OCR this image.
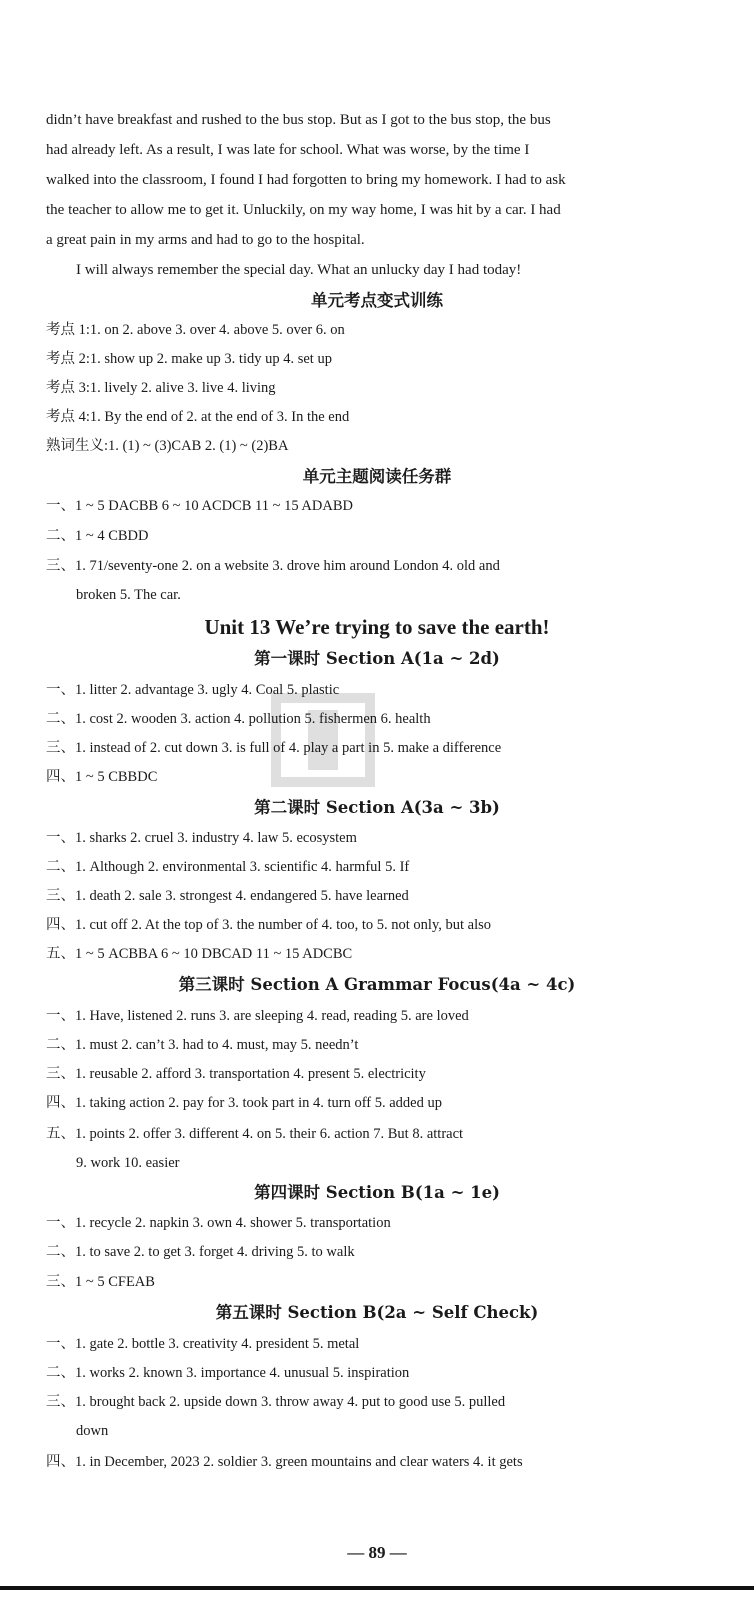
didn’t have breakfast and rushed to the bus stop. But as I got to the bus stop, the bus
had already left. As a result, I was late for school. What was worse, by the time I
walked into the classroom, I found I had forgotten to bring my homework. I had to ask
the teacher to allow me to get it. Unluckily, on my way home, I was hit by a car. I had
a great pain in my arms and had to go to the hospital.
I will always remember the special day. What an unlucky day I had today!
单元考点变式训练
考点 1:1. on 2. above 3. over 4. above 5. over 6. on
考点 2:1. show up 2. make up 3. tidy up 4. set up
考点 3:1. lively 2. alive 3. live 4. living
考点 4:1. By the end of 2. at the end of 3. In the end
熟词生义:1. (1) ~ (3)CAB 2. (1) ~ (2)BA
单元主题阅读任务群
一、1 ~ 5 DACBB 6 ~ 10 ACDCB 11 ~ 15 ADABD
二、1 ~ 4 CBDD
三、1. 71/seventy-one 2. on a website 3. drove him around London 4. old and
broken 5. The car.
Unit 13 We’re trying to save the earth!
第一课时 Section A(1a ~ 2d)
一、1. litter 2. advantage 3. ugly 4. Coal 5. plastic
二、1. cost 2. wooden 3. action 4. pollution 5. fishermen 6. health
三、1. instead of 2. cut down 3. is full of 4. play a part in 5. make a difference
四、1 ~ 5 CBBDC
第二课时 Section A(3a ~ 3b)
一、1. sharks 2. cruel 3. industry 4. law 5. ecosystem
二、1. Although 2. environmental 3. scientific 4. harmful 5. If
三、1. death 2. sale 3. strongest 4. endangered 5. have learned
四、1. cut off 2. At the top of 3. the number of 4. too, to 5. not only, but also
五、1 ~ 5 ACBBA 6 ~ 10 DBCAD 11 ~ 15 ADCBC
第三课时 Section A Grammar Focus(4a ~ 4c)
一、1. Have, listened 2. runs 3. are sleeping 4. read, reading 5. are loved
二、1. must 2. can’t 3. had to 4. must, may 5. needn’t
三、1. reusable 2. afford 3. transportation 4. present 5. electricity
四、1. taking action 2. pay for 3. took part in 4. turn off 5. added up
五、1. points 2. offer 3. different 4. on 5. their 6. action 7. But 8. attract
9. work 10. easier
第四课时 Section B(1a ~ 1e)
一、1. recycle 2. napkin 3. own 4. shower 5. transportation
二、1. to save 2. to get 3. forget 4. driving 5. to walk
三、1 ~ 5 CFEAB
第五课时 Section B(2a ~ Self Check)
一、1. gate 2. bottle 3. creativity 4. president 5. metal
二、1. works 2. known 3. importance 4. unusual 5. inspiration
三、1. brought back 2. upside down 3. throw away 4. put to good use 5. pulled
down
四、1. in December, 2023 2. soldier 3. green mountains and clear waters 4. it gets
— 89 —
